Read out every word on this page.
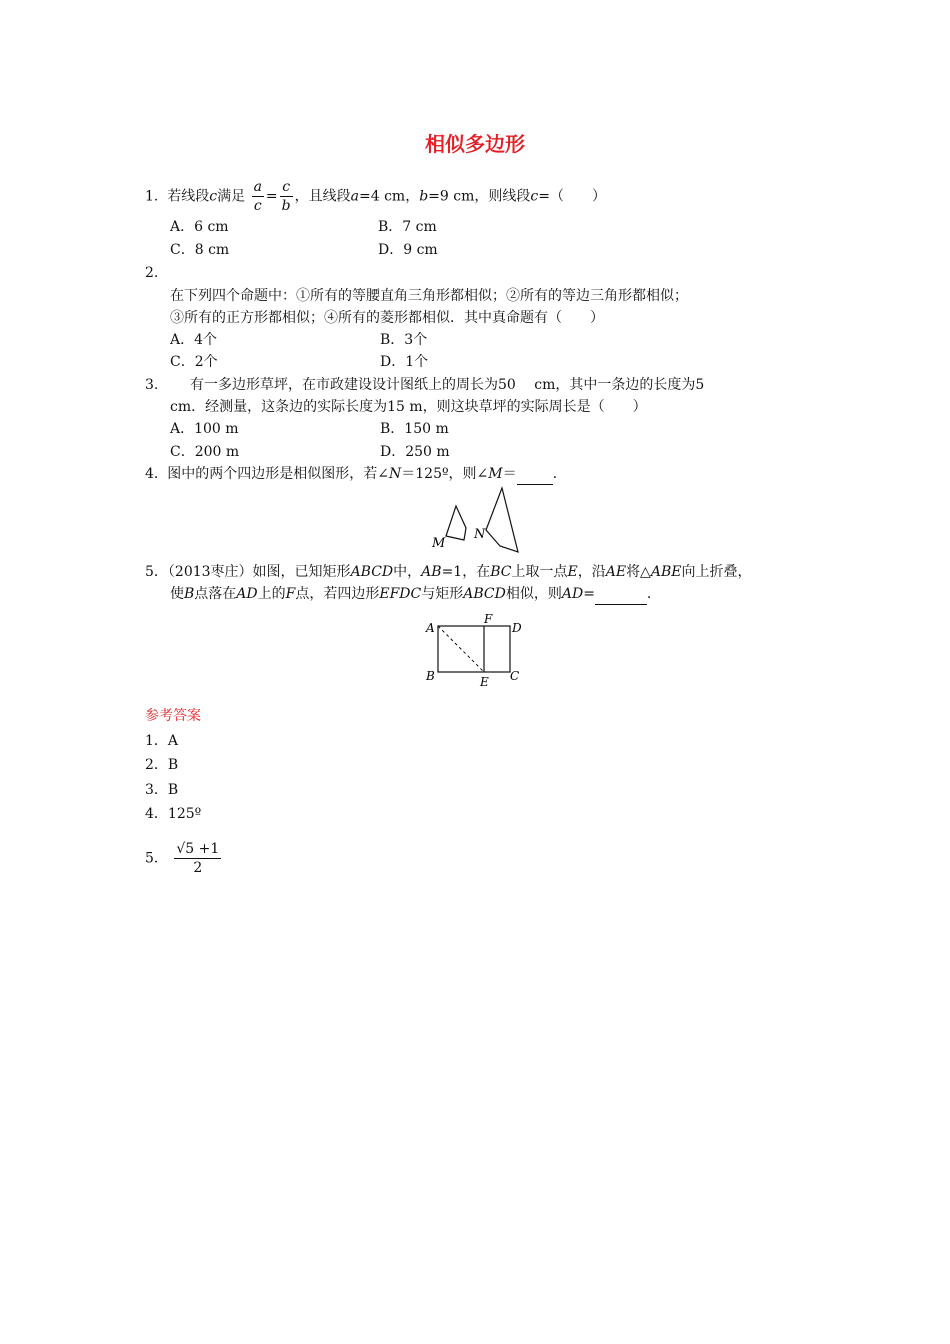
相似多边形
1. 若线段c满足 $\frac{a}{c} = \frac{c}{b}$ ，且线段a=4 cm，b=9 cm，则线段c=（　　）
A．6 cm	B．7 cm
C．8 cm	D．9 cm
2.
在下列四个命题中：①所有的等腰直角三角形都相似；②所有的等边三角形都相似；
③所有的正方形都相似；④所有的菱形都相似．其中真命题有（　　）
A．4个	B．3个
C．2个	D．1个
3. 有一多边形草坪，在市政建设设计图纸上的周长为50　 cm，其中一条边的长度为5
cm．经测量，这条边的实际长度为15 m，则这块草坪的实际周长是（　　）
A．100 m	B．150 m
C．200 m	D．250 m
4. 图中的两个四边形是相似图形，若∠N＝125º，则∠M＝	.
M
N
5．（2013枣庄）如图，已知矩形ABCD中，AB=1，在BC上取一点E，沿AE将△ABE向上折叠，
使B点落在AD上的F点，若四边形EFDC与矩形ABCD相似，则AD=	.
A
F
D
B	E C
参考答案
1．A
2．B
3．B
4．125º
5． $\frac{√5 +1}{2}$
